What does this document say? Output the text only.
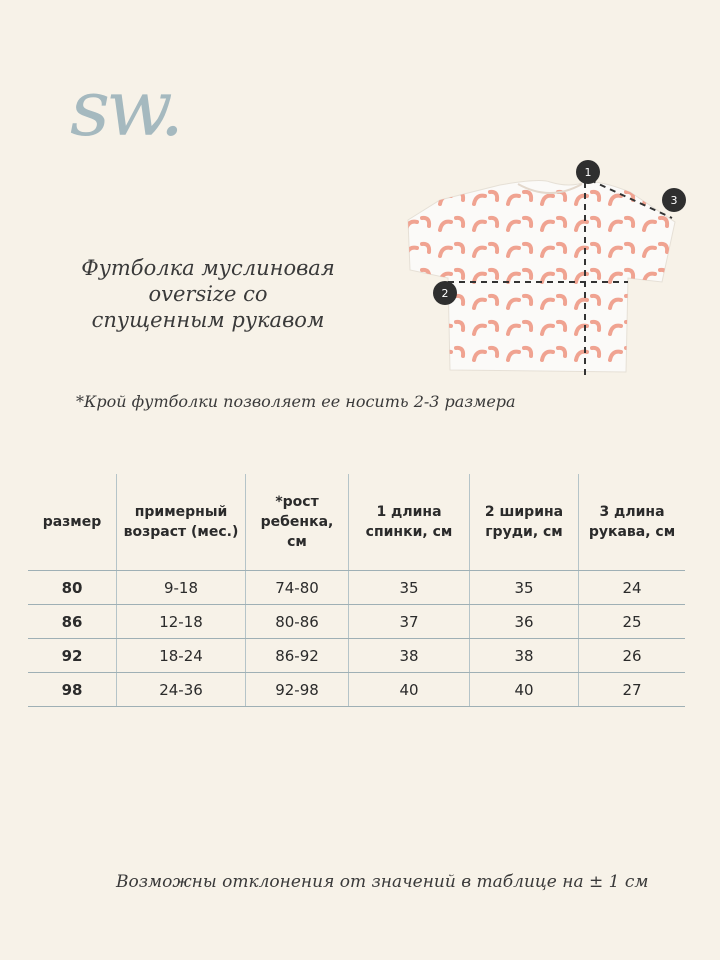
sw.
Футболка муслиновая
oversize со
спущенным рукавом
1
2
3
*Крой футболки позволяет ее носить 2-3 размера
размер	примерный возраст (мес.)	*рост ребенка, см	1 длина спинки, см	2 ширина груди, см	3 длина рукава, см
80	9-18	74-80	35	35	24
86	12-18	80-86	37	36	25
92	18-24	86-92	38	38	26
98	24-36	92-98	40	40	27
Возможны отклонения от значений в таблице на ± 1 см
